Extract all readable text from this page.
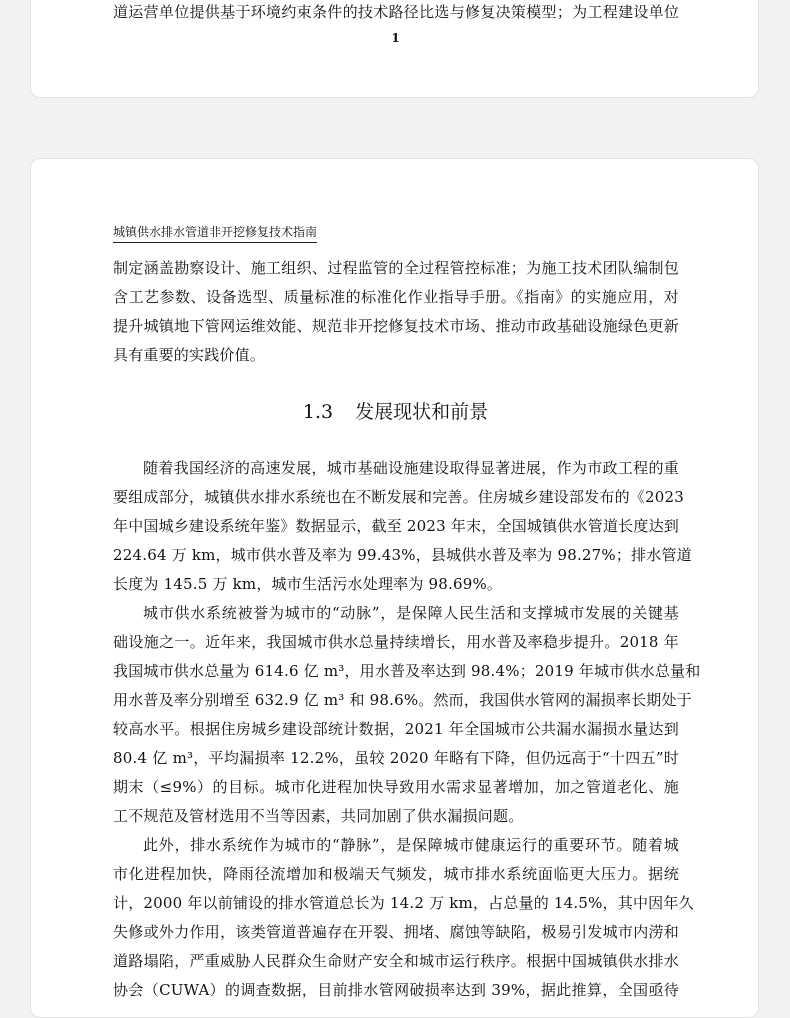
道运营单位提供基于环境约束条件的技术路径比选与修复决策模型；为工程建设单位
1
城镇供水排水管道非开挖修复技术指南
制定涵盖勘察设计、施工组织、过程监管的全过程管控标准；为施工技术团队编制包
含工艺参数、设备选型、质量标准的标准化作业指导手册。《指南》的实施应用，对
提升城镇地下管网运维效能、规范非开挖修复技术市场、推动市政基础设施绿色更新
具有重要的实践价值。
1.3 发展现状和前景
随着我国经济的高速发展，城市基础设施建设取得显著进展，作为市政工程的重
要组成部分，城镇供水排水系统也在不断发展和完善。住房城乡建设部发布的《2023
年中国城乡建设系统年鉴》数据显示，截至 2023 年末，全国城镇供水管道长度达到
224.64 万 km，城市供水普及率为 99.43%，县城供水普及率为 98.27%；排水管道
长度为 145.5 万 km，城市生活污水处理率为 98.69%。
城市供水系统被誉为城市的“动脉”，是保障人民生活和支撑城市发展的关键基
础设施之一。近年来，我国城市供水总量持续增长，用水普及率稳步提升。2018 年
我国城市供水总量为 614.6 亿 m³，用水普及率达到 98.4%；2019 年城市供水总量和
用水普及率分别增至 632.9 亿 m³ 和 98.6%。然而，我国供水管网的漏损率长期处于
较高水平。根据住房城乡建设部统计数据，2021 年全国城市公共漏水漏损水量达到
80.4 亿 m³，平均漏损率 12.2%，虽较 2020 年略有下降，但仍远高于“十四五”时
期末（≤9%）的目标。城市化进程加快导致用水需求显著增加，加之管道老化、施
工不规范及管材选用不当等因素，共同加剧了供水漏损问题。
此外，排水系统作为城市的“静脉”，是保障城市健康运行的重要环节。随着城
市化进程加快，降雨径流增加和极端天气频发，城市排水系统面临更大压力。据统
计，2000 年以前铺设的排水管道总长为 14.2 万 km，占总量的 14.5%，其中因年久
失修或外力作用，该类管道普遍存在开裂、拥堵、腐蚀等缺陷，极易引发城市内涝和
道路塌陷，严重威胁人民群众生命财产安全和城市运行秩序。根据中国城镇供水排水
协会（CUWA）的调查数据，目前排水管网破损率达到 39%，据此推算，全国亟待
